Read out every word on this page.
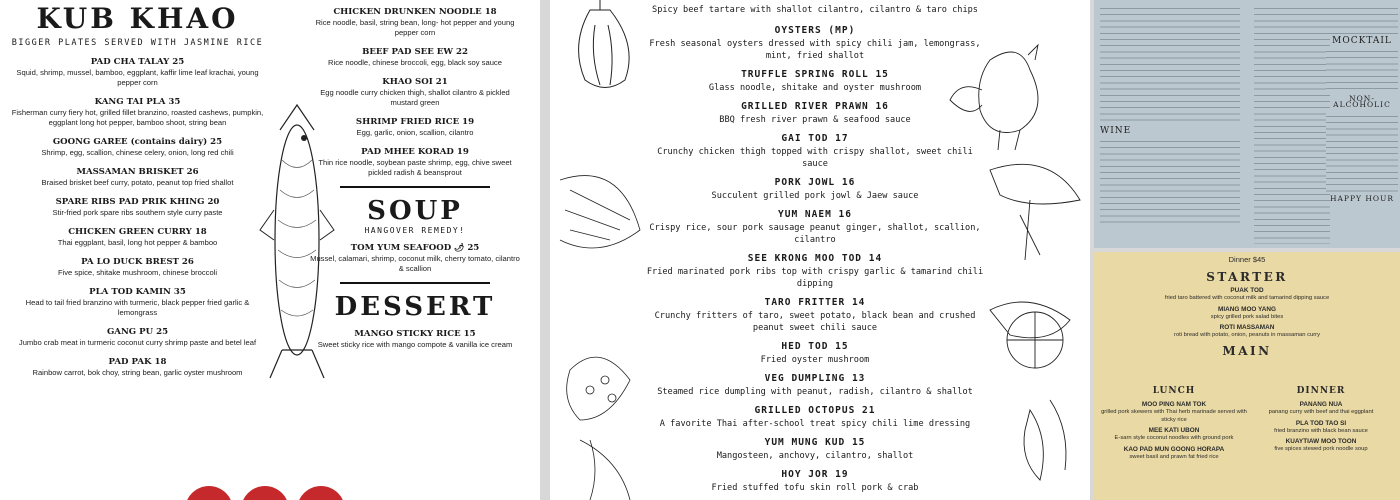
KUB KHAO
BIGGER PLATES SERVED WITH JASMINE RICE
PAD CHA TALAY 25
Squid, shrimp, mussel, bamboo, eggplant, kaffir lime leaf krachai, young pepper corn
KANG TAI PLA 35
Fisherman curry fiery hot, grilled fillet branzino, roasted cashews, pumpkin, eggplant long hot pepper, bamboo shoot, string bean
GOONG GAREE (contains dairy) 25
Shrimp, egg, scallion, chinese celery, onion, long red chili
MASSAMAN BRISKET 26
Braised brisket beef curry, potato, peanut top fried shallot
SPARE RIBS PAD PRIK KHING 20
Stir-fried pork spare ribs southern style curry paste
CHICKEN GREEN CURRY 18
Thai eggplant, basil, long hot pepper & bamboo
PA LO DUCK BREST 26
Five spice, shitake mushroom, chinese broccoli
PLA TOD KAMIN 35
Head to tail fried branzino with turmeric, black pepper fried garlic & lemongrass
GANG PU 25
Jumbo crab meat in turmeric coconut curry shrimp paste and betel leaf
PAD PAK 18
Rainbow carrot, bok choy, string bean, garlic oyster mushroom
CHICKEN DRUNKEN NOODLE 18
Rice noodle, basil, string bean, long- hot pepper and young pepper corn
BEEF PAD SEE EW 22
Rice noodle, chinese broccoli, egg, black soy sauce
KHAO SOI 21
Egg noodle curry chicken thigh, shallot cilantro & pickled mustard green
SHRIMP FRIED RICE 19
Egg, garlic, onion, scallion, cilantro
PAD MHEE KORAD 19
Thin rice noodle, soybean paste shrimp, egg, chive sweet pickled radish & beansprout
SOUP
HANGOVER REMEDY!
TOM YUM SEAFOOD 🌶 25
Mussel, calamari, shrimp, coconut milk, cherry tomato, cilantro & scallion
DESSERT
MANGO STICKY RICE 15
Sweet sticky rice with mango compote & vanilla ice cream
Spicy beef tartare with shallot cilantro, cilantro & taro chips
OYSTERS (MP)
Fresh seasonal oysters dressed with spicy chili jam, lemongrass, mint, fried shallot
TRUFFLE SPRING ROLL 15
Glass noodle, shitake and oyster mushroom
GRILLED RIVER PRAWN 16
BBQ fresh river prawn & seafood sauce
GAI TOD 17
Crunchy chicken thigh topped with crispy shallot, sweet chili sauce
PORK JOWL 16
Succulent grilled pork jowl & Jaew sauce
YUM NAEM 16
Crispy rice, sour pork sausage peanut ginger, shallot, scallion, cilantro
SEE KRONG MOO TOD 14
Fried marinated pork ribs top with crispy garlic & tamarind chili dipping
TARO FRITTER 14
Crunchy fritters of taro, sweet potato, black bean and crushed peanut sweet chili sauce
HED TOD 15
Fried oyster mushroom
VEG DUMPLING 13
Steamed rice dumpling with peanut, radish, cilantro & shallot
GRILLED OCTOPUS 21
A favorite Thai after-school treat spicy chili lime dressing
YUM MUNG KUD 15
Mangosteen, anchovy, cilantro, shallot
HOY JOR 19
Fried stuffed tofu skin roll pork & crab
WINE
MOCKTAIL
NON-ALCOHOLIC
HAPPY HOUR
Dinner $45
STARTER
PUAK TOD
fried taro battered with coconut milk and tamarind dipping sauce
MIANG MOO YANG
spicy grilled pork salad bites
ROTI MASSAMAN
roti bread with potato, onion, peanuts in massaman curry
MAIN
LUNCH
MOO PING NAM TOK
grilled pork skewers with Thai herb marinade served with sticky rice
MEE KATI UBON
E-sarn style coconut noodles with ground pork
KAO PAD MUN GOONG HORAPA
sweet basil and prawn fat fried rice
DINNER
PANANG NUA
panang curry with beef and thai eggplant
PLA TOD TAO SI
fried branzino with black bean sauce
KUAYTIAW MOO TOON
five spices stewed pork noodle soup
